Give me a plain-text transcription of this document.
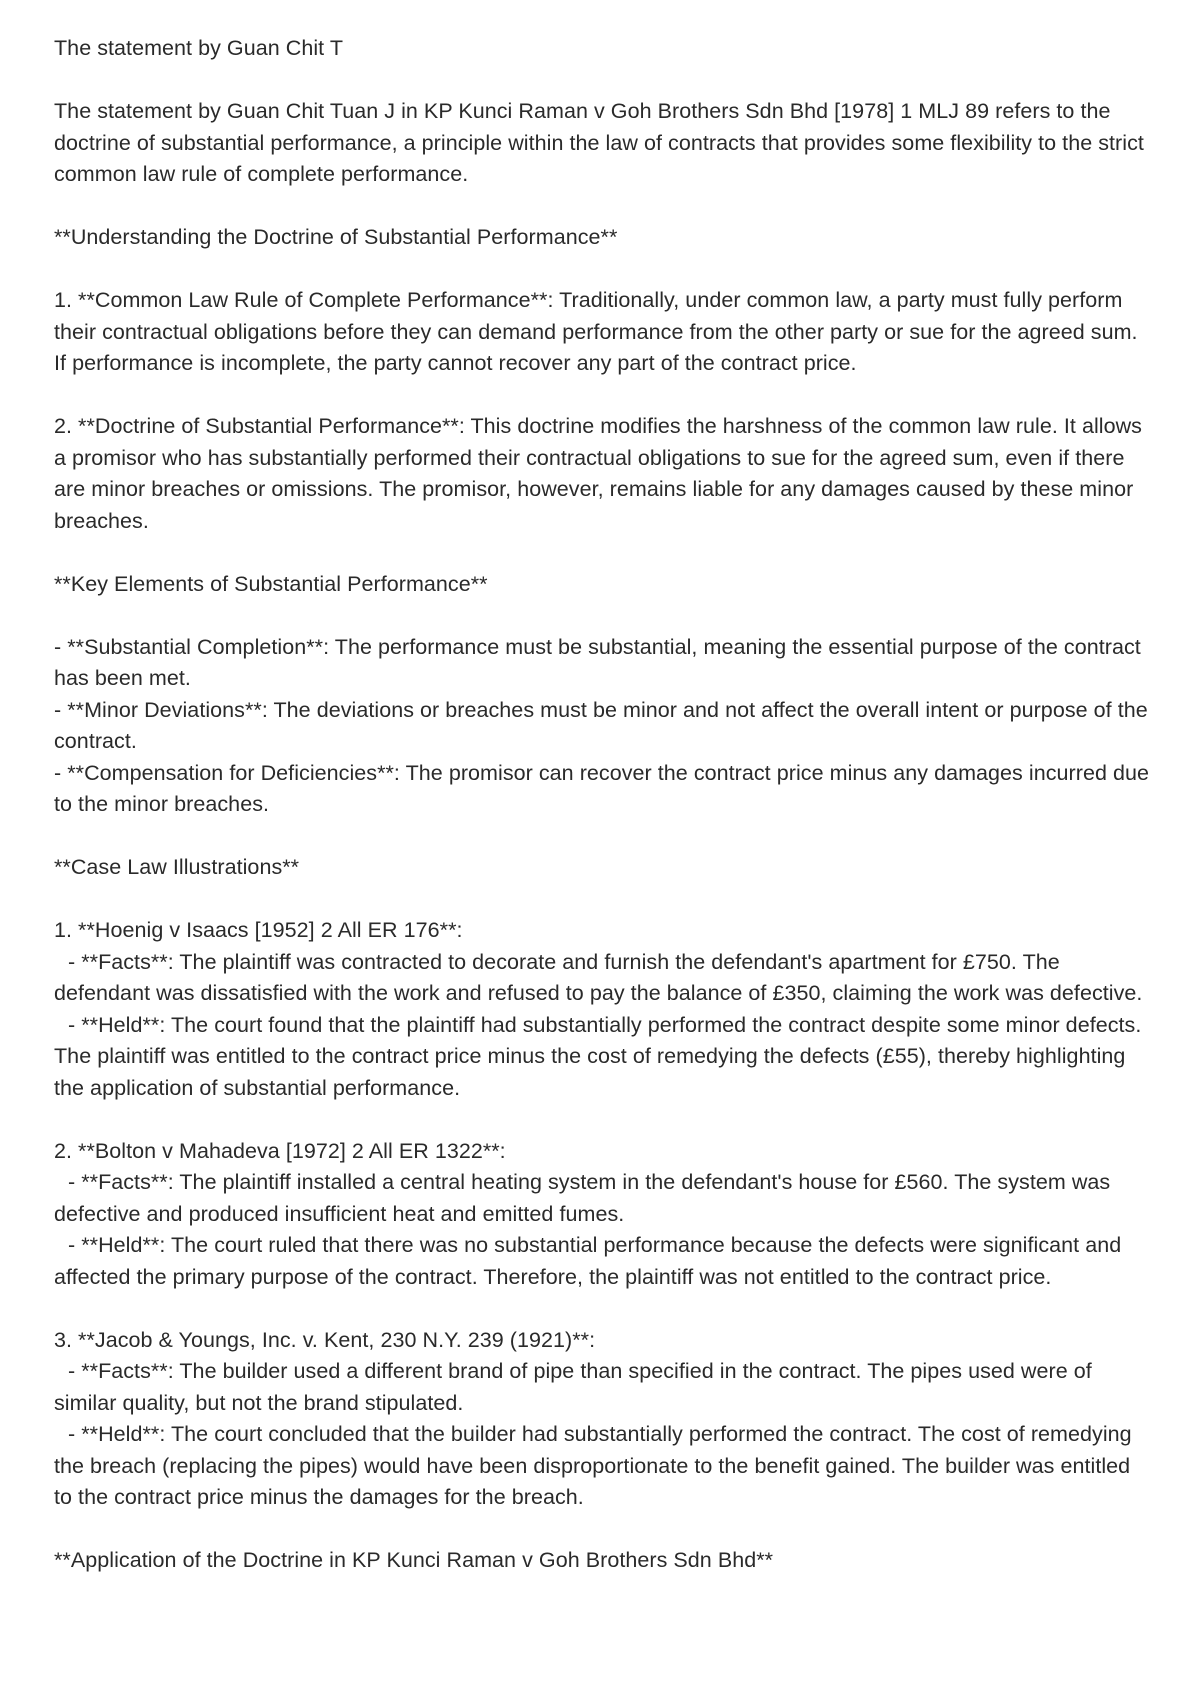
The statement by Guan Chit T

The statement by Guan Chit Tuan J in KP Kunci Raman v Goh Brothers Sdn Bhd [1978] 1 MLJ 89 refers to the doctrine of substantial performance, a principle within the law of contracts that provides some flexibility to the strict common law rule of complete performance.

**Understanding the Doctrine of Substantial Performance**

1. **Common Law Rule of Complete Performance**: Traditionally, under common law, a party must fully perform their contractual obligations before they can demand performance from the other party or sue for the agreed sum. If performance is incomplete, the party cannot recover any part of the contract price.

2. **Doctrine of Substantial Performance**: This doctrine modifies the harshness of the common law rule. It allows a promisor who has substantially performed their contractual obligations to sue for the agreed sum, even if there are minor breaches or omissions. The promisor, however, remains liable for any damages caused by these minor breaches.

**Key Elements of Substantial Performance**

- **Substantial Completion**: The performance must be substantial, meaning the essential purpose of the contract has been met.

- **Minor Deviations**: The deviations or breaches must be minor and not affect the overall intent or purpose of the contract.

- **Compensation for Deficiencies**: The promisor can recover the contract price minus any damages incurred due to the minor breaches.

**Case Law Illustrations**

1. **Hoenig v Isaacs [1952] 2 All ER 176**:

- **Facts**: The plaintiff was contracted to decorate and furnish the defendant's apartment for £750. The defendant was dissatisfied with the work and refused to pay the balance of £350, claiming the work was defective.

- **Held**: The court found that the plaintiff had substantially performed the contract despite some minor defects. The plaintiff was entitled to the contract price minus the cost of remedying the defects (£55), thereby highlighting the application of substantial performance.

2. **Bolton v Mahadeva [1972] 2 All ER 1322**:

- **Facts**: The plaintiff installed a central heating system in the defendant's house for £560. The system was defective and produced insufficient heat and emitted fumes.

- **Held**: The court ruled that there was no substantial performance because the defects were significant and affected the primary purpose of the contract. Therefore, the plaintiff was not entitled to the contract price.

3. **Jacob & Youngs, Inc. v. Kent, 230 N.Y. 239 (1921)**:

- **Facts**: The builder used a different brand of pipe than specified in the contract. The pipes used were of similar quality, but not the brand stipulated.

- **Held**: The court concluded that the builder had substantially performed the contract. The cost of remedying the breach (replacing the pipes) would have been disproportionate to the benefit gained. The builder was entitled to the contract price minus the damages for the breach.

**Application of the Doctrine in KP Kunci Raman v Goh Brothers Sdn Bhd**
